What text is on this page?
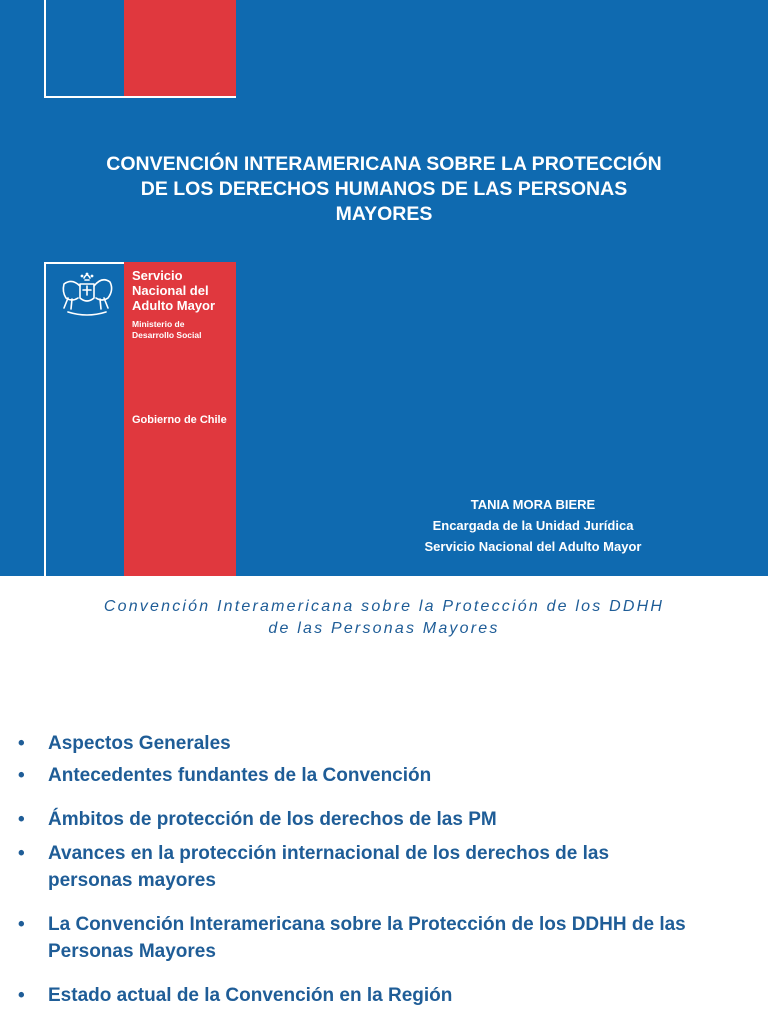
CONVENCIÓN INTERAMERICANA SOBRE LA PROTECCIÓN
DE LOS DERECHOS HUMANOS DE LAS PERSONAS
MAYORES
Servicio
Nacional del
Adulto Mayor
Ministerio de
Desarrollo Social
Gobierno de Chile
TANIA MORA BIERE
Encargada de la Unidad Jurídica
Servicio Nacional del Adulto Mayor
Convención Interamericana sobre la Protección de los DDHH
de las Personas Mayores
• Aspectos Generales
• Antecedentes fundantes de la Convención
• Ámbitos de protección de los derechos de las PM
• Avances en la protección internacional de los derechos de las personas mayores
• La Convención Interamericana sobre la Protección de los DDHH de las Personas Mayores
• Estado actual de la Convención en la Región
